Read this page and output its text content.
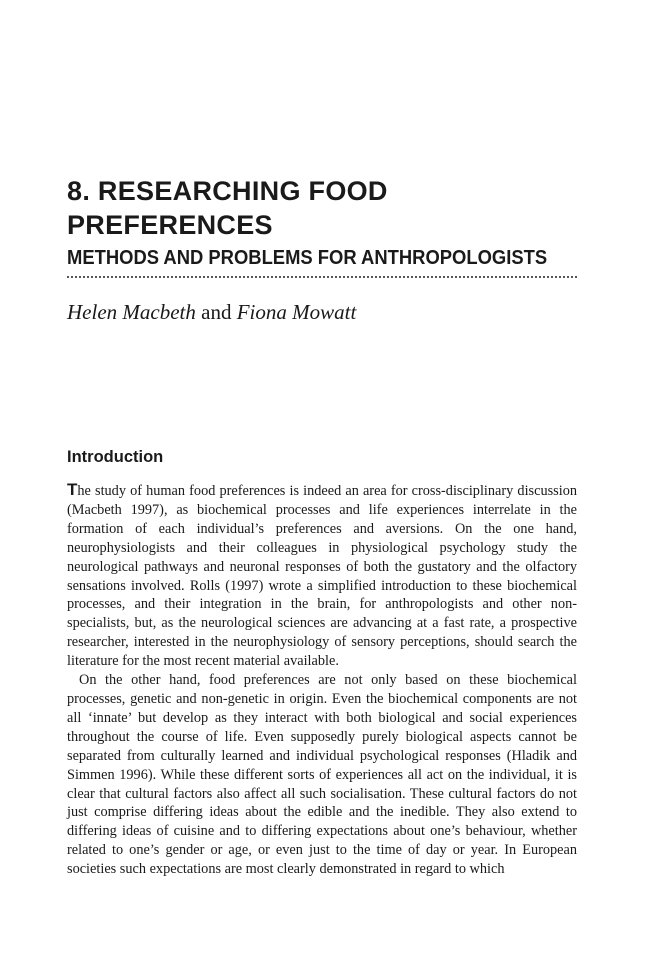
8. RESEARCHING FOOD PREFERENCES
METHODS AND PROBLEMS FOR ANTHROPOLOGISTS
Helen Macbeth and Fiona Mowatt
Introduction

The study of human food preferences is indeed an area for cross-disciplinary discussion (Macbeth 1997), as biochemical processes and life experiences interrelate in the formation of each individual’s preferences and aversions. On the one hand, neurophysiologists and their colleagues in physiological psychology study the neurological pathways and neuronal responses of both the gustatory and the olfactory sensations involved. Rolls (1997) wrote a simplified introduction to these biochemical processes, and their integration in the brain, for anthropologists and other non-specialists, but, as the neurological sciences are advancing at a fast rate, a prospective researcher, interested in the neurophysiology of sensory perceptions, should search the literature for the most recent material available.

On the other hand, food preferences are not only based on these biochemical processes, genetic and non-genetic in origin. Even the biochemical components are not all ‘innate’ but develop as they interact with both biological and social experiences throughout the course of life. Even supposedly purely biological aspects cannot be separated from culturally learned and individual psychological responses (Hladik and Simmen 1996). While these different sorts of experiences all act on the individual, it is clear that cultural factors also affect all such socialisation. These cultural factors do not just comprise differing ideas about the edible and the inedible. They also extend to differing ideas of cuisine and to differing expectations about one’s behaviour, whether related to one’s gender or age, or even just to the time of day or year. In European societies such expectations are most clearly demonstrated in regard to which
